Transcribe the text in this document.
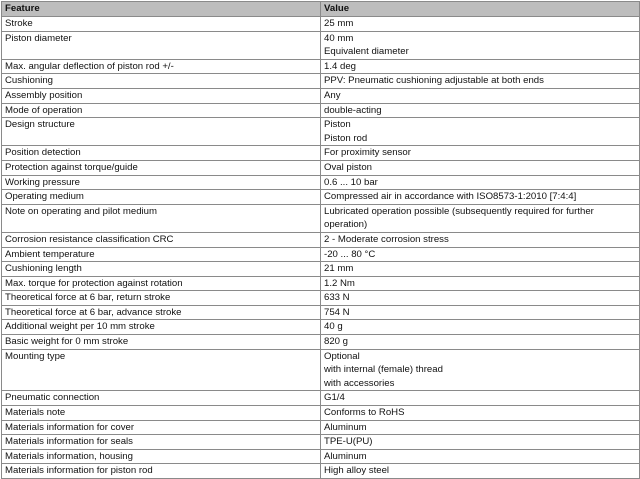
Feature	Value

Stroke	25 mm

Piston diameter	40 mm
Equivalent diameter

Max. angular deflection of piston rod +/-	1.4 deg

Cushioning	PPV: Pneumatic cushioning adjustable at both ends

Assembly position	Any

Mode of operation	double-acting

Design structure	Piston
Piston rod

Position detection	For proximity sensor

Protection against torque/guide	Oval piston

Working pressure	0.6 ... 10 bar

Operating medium	Compressed air in accordance with ISO8573-1:2010 [7:4:4]

Note on operating and pilot medium	Lubricated operation possible (subsequently required for further
operation)

Corrosion resistance classification CRC	2 - Moderate corrosion stress

Ambient temperature	-20 ... 80 °C

Cushioning length	21 mm

Max. torque for protection against rotation	1.2 Nm

Theoretical force at 6 bar, return stroke	633 N

Theoretical force at 6 bar, advance stroke	754 N

Additional weight per 10 mm stroke	40 g

Basic weight for 0 mm stroke	820 g

Mounting type	Optional
with internal (female) thread
with accessories

Pneumatic connection	G1/4

Materials note	Conforms to RoHS

Materials information for cover	Aluminum

Materials information for seals	TPE-U(PU)

Materials information, housing	Aluminum

Materials information for piston rod	High alloy steel
